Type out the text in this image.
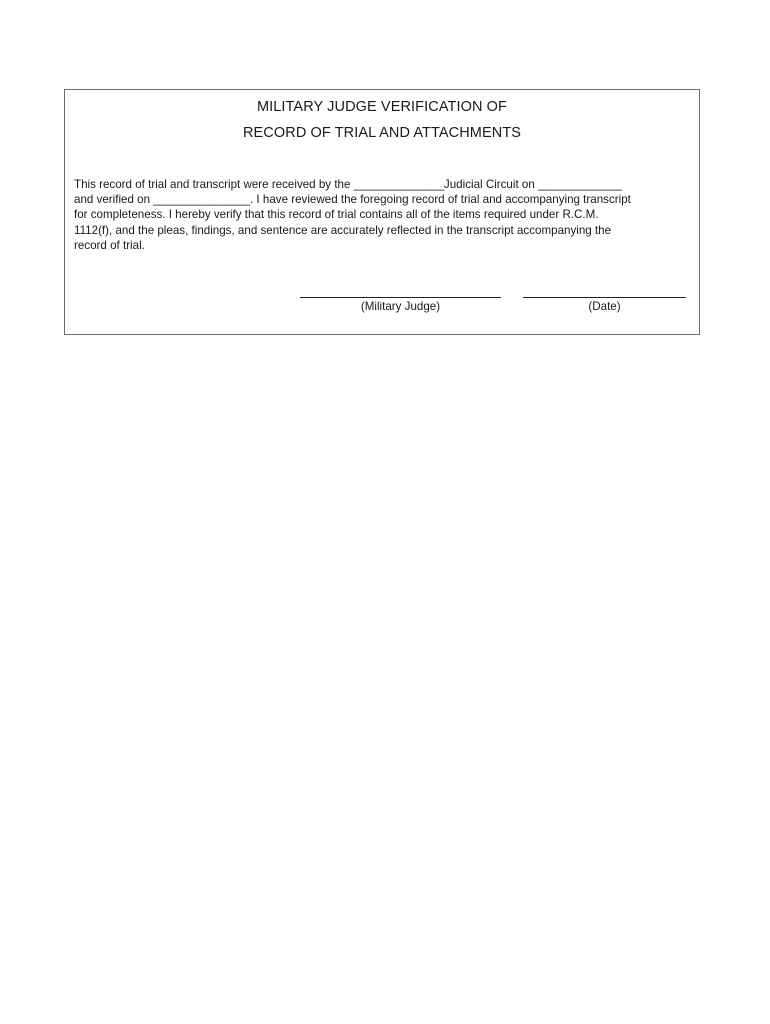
MILITARY JUDGE VERIFICATION OF
RECORD OF TRIAL AND ATTACHMENTS
This record of trial and transcript were received by the ______________Judicial Circuit on _____________
and verified on _______________. I have reviewed the foregoing record of trial and accompanying transcript
for completeness. I hereby verify that this record of trial contains all of the items required under R.C.M.
1112(f), and the pleas, findings, and sentence are accurately reflected in the transcript accompanying the
record of trial.
(Military Judge)	(Date)
